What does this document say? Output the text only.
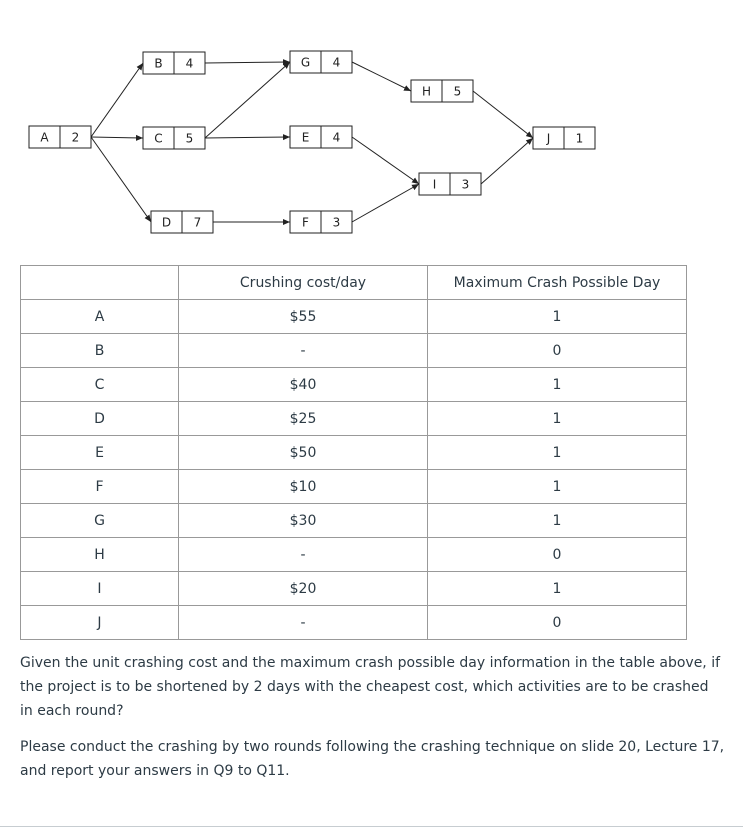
A 2
B 4
C 5
D 7
G 4
E 4
F 3
H 5
I 3
J 1
	Crushing cost/day	Maximum Crash Possible Day
A	$55	1
B	-	0
C	$40	1
D	$25	1
E	$50	1
F	$10	1
G	$30	1
H	-	0
I	$20	1
J	-	0

Given the unit crashing cost and the maximum crash possible day information in the table above, if the project is to be shortened by 2 days with the cheapest cost, which activities are to be crashed in each round?

Please conduct the crashing by two rounds following the crashing technique on slide 20, Lecture 17, and report your answers in Q9 to Q11.
